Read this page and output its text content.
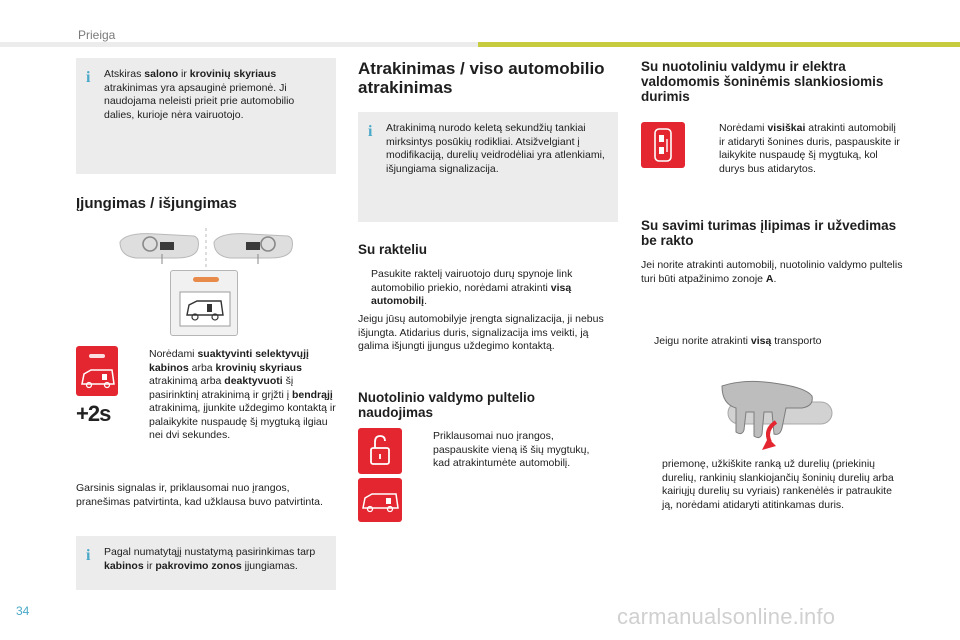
Prieiga
34	carmanualsonline.info
i Atskiras salono ir krovinių skyriaus atrakinimas yra apsauginė priemonė. Ji naudojama neleisti prieit prie automobilio dalies, kurioje nėra vairuotojo.

Įjungimas / išjungimas
+2s
Norėdami suaktyvinti selektyvųjį kabinos arba krovinių skyriaus atrakinimą arba deaktyvuoti šį pasirinktinį atrakinimą ir grįžti į bendrąjį atrakinimą, įjunkite uždegimo kontaktą ir palaikykite nuspaudę šį mygtuką ilgiau nei dvi sekundes.
Garsinis signalas ir, priklausomai nuo įrangos, pranešimas patvirtinta, kad užklausa buvo patvirtinta.
i Pagal numatytąjį nustatymą pasirinkimas tarp kabinos ir pakrovimo zonos įjungiamas.

Atrakinimas / viso automobilio atrakinimas
i Atrakinimą nurodo keletą sekundžių tankiai mirksintys posūkių rodikliai. Atsižvelgiant į modifikaciją, durelių veidrodėliai yra atlenkiami, išjungiama signalizacija.

Su rakteliu
Pasukite raktelį vairuotojo durų spynoje link automobilio priekio, norėdami atrakinti visą automobilį.
Jeigu jūsų automobilyje įrengta signalizacija, ji nebus išjungta. Atidarius duris, signalizacija ims veikti, ją galima išjungti įjungus uždegimo kontaktą.
Nuotolinio valdymo pultelio naudojimas
Priklausomai nuo įrangos, paspauskite vieną iš šių mygtukų, kad atrakintumėte automobilį.
Su nuotoliniu valdymu ir elektra valdomomis šoninėmis slankiosiomis durimis
Norėdami visiškai atrakinti automobilį ir atidaryti šonines duris, paspauskite ir laikykite nuspaudę šį mygtuką, kol durys bus atidarytos.
Su savimi turimas įlipimas ir užvedimas be rakto
Jei norite atrakinti automobilį, nuotolinio valdymo pultelis turi būti atpažinimo zonoje A.
Jeigu norite atrakinti visą transporto
priemonę, užkiškite ranką už durelių (priekinių durelių, rankinių slankiojančių šoninių durelių arba kairiųjų durelių su vyriais) rankenėlės ir patraukite ją, norėdami atidaryti atitinkamas duris.
